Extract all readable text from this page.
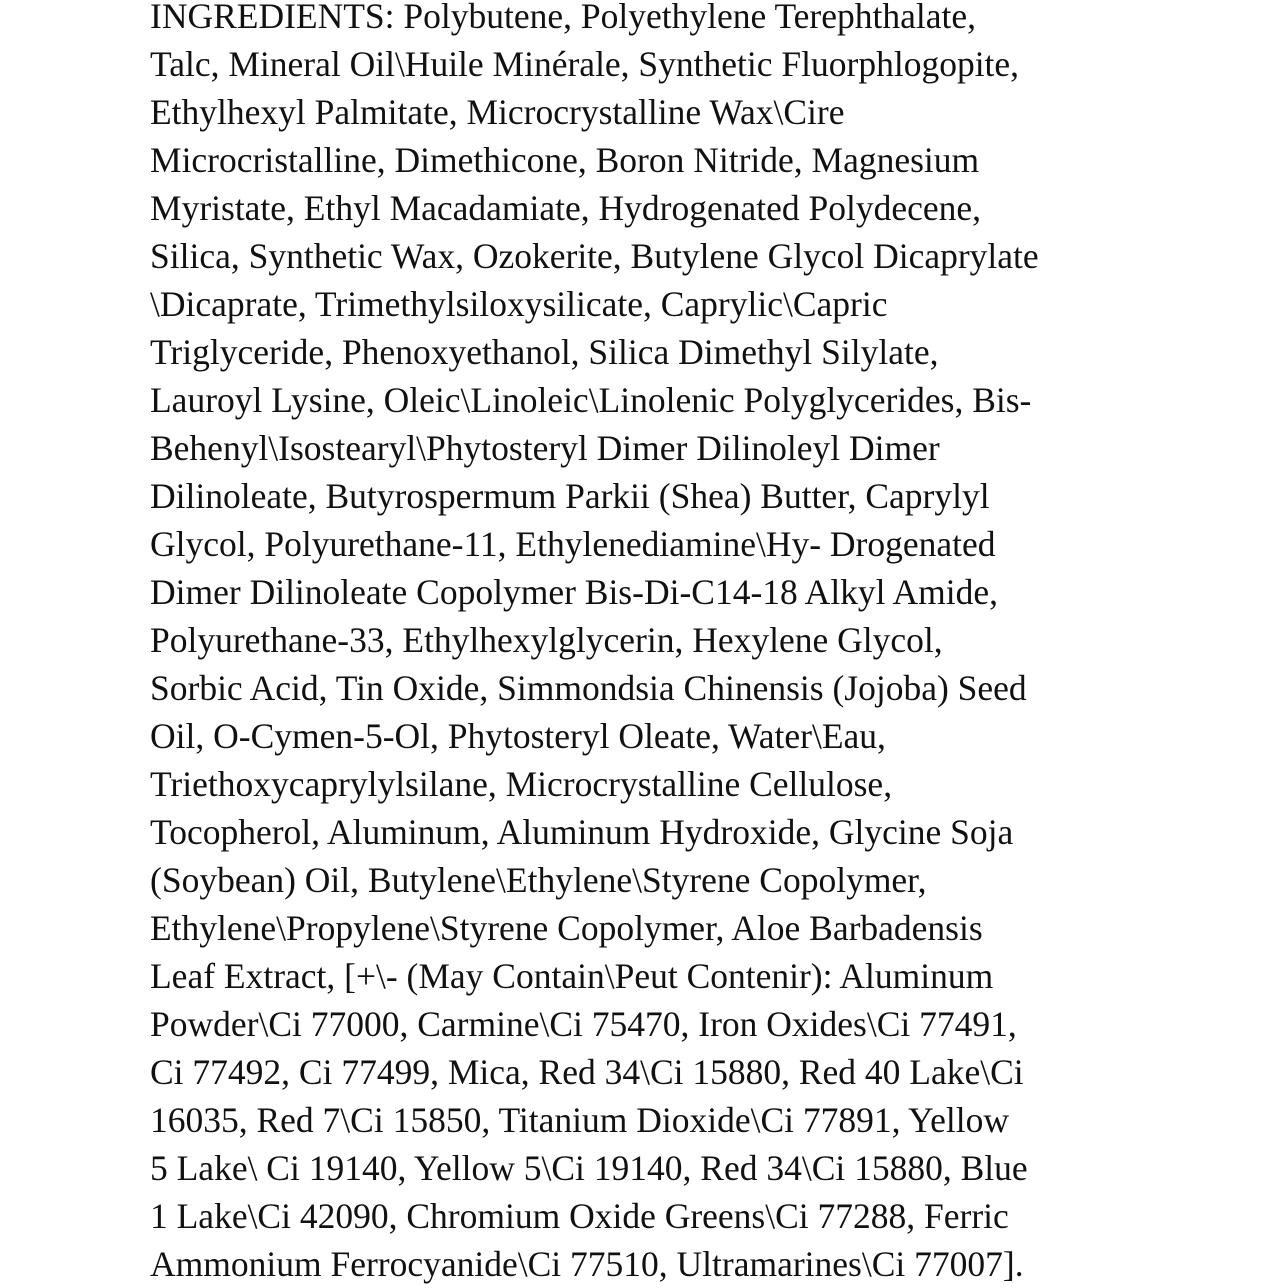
INGREDIENTS: Polybutene, Polyethylene Terephthalate,
Talc, Mineral Oil\Huile Minérale, Synthetic Fluorphlogopite,
Ethylhexyl Palmitate, Microcrystalline Wax\Cire
Microcristalline, Dimethicone, Boron Nitride, Magnesium
Myristate, Ethyl Macadamiate, Hydrogenated Polydecene,
Silica, Synthetic Wax, Ozokerite, Butylene Glycol Dicaprylate
\Dicaprate, Trimethylsiloxysilicate, Caprylic\Capric
Triglyceride, Phenoxyethanol, Silica Dimethyl Silylate,
Lauroyl Lysine, Oleic\Linoleic\Linolenic Polyglycerides, Bis-
Behenyl\Isostearyl\Phytosteryl Dimer Dilinoleyl Dimer
Dilinoleate, Butyrospermum Parkii (Shea) Butter, Caprylyl
Glycol, Polyurethane-11, Ethylenediamine\Hy- Drogenated
Dimer Dilinoleate Copolymer Bis-Di-C14-18 Alkyl Amide,
Polyurethane-33, Ethylhexylglycerin, Hexylene Glycol,
Sorbic Acid, Tin Oxide, Simmondsia Chinensis (Jojoba) Seed
Oil, O-Cymen-5-Ol, Phytosteryl Oleate, Water\Eau,
Triethoxycaprylylsilane, Microcrystalline Cellulose,
Tocopherol, Aluminum, Aluminum Hydroxide, Glycine Soja
(Soybean) Oil, Butylene\Ethylene\Styrene Copolymer,
Ethylene\Propylene\Styrene Copolymer, Aloe Barbadensis
Leaf Extract, [+\- (May Contain\Peut Contenir): Aluminum
Powder\Ci 77000, Carmine\Ci 75470, Iron Oxides\Ci 77491,
Ci 77492, Ci 77499, Mica, Red 34\Ci 15880, Red 40 Lake\Ci
16035, Red 7\Ci 15850, Titanium Dioxide\Ci 77891, Yellow
5 Lake\ Ci 19140, Yellow 5\Ci 19140, Red 34\Ci 15880, Blue
1 Lake\Ci 42090, Chromium Oxide Greens\Ci 77288, Ferric
Ammonium Ferrocyanide\Ci 77510, Ultramarines\Ci 77007].
